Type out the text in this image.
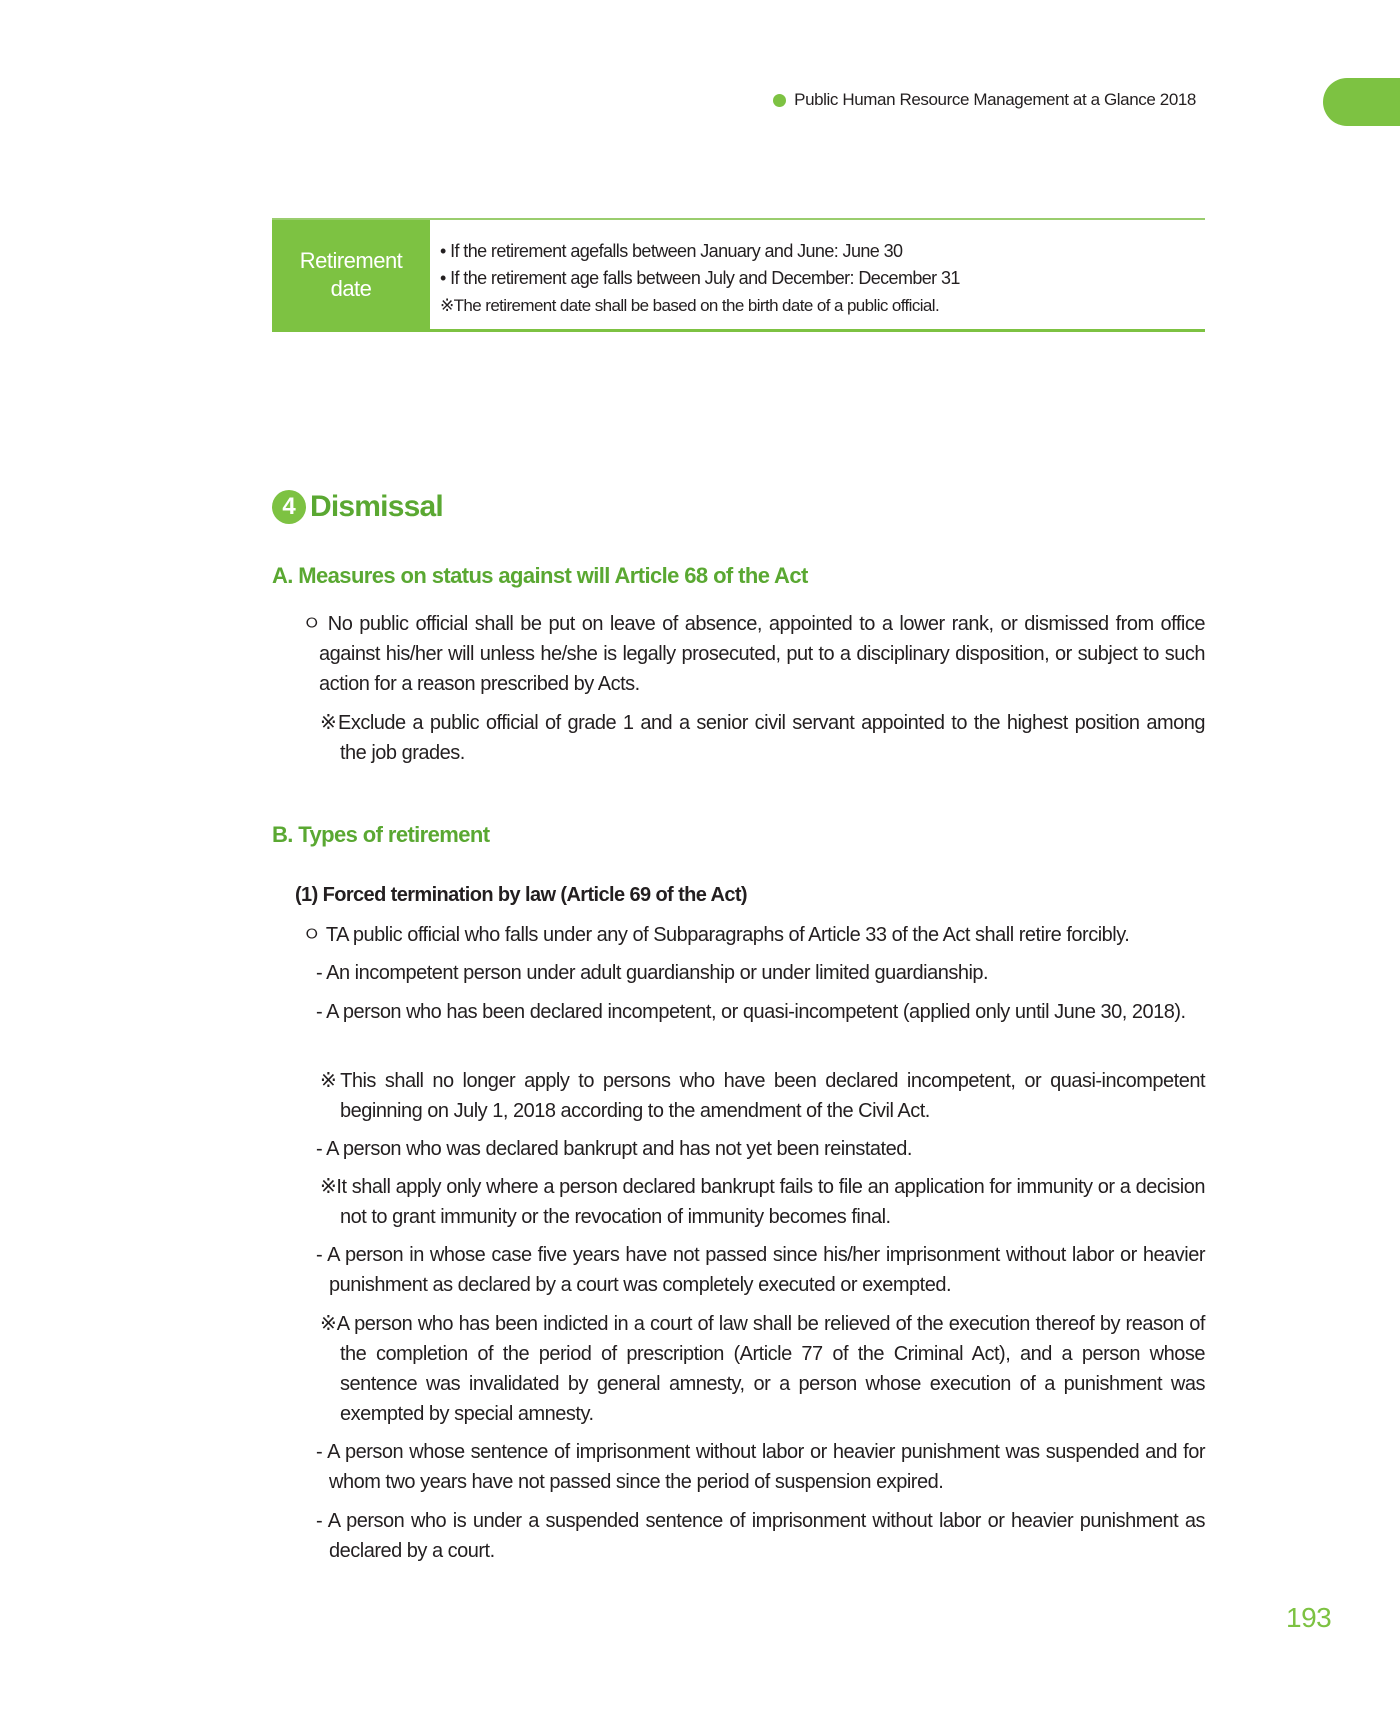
Public Human Resource Management at a Glance 2018
Retirement date
• If the retirement agefalls between January and June: June 30
• If the retirement age falls between July and December: December 31
※The retirement date shall be based on the birth date of a public official.
4 Dismissal
A. Measures on status against will Article 68 of the Act
ㅇ No public official shall be put on leave of absence, appointed to a lower rank, or dismissed from office against his/her will unless he/she is legally prosecuted, put to a disciplinary disposition, or subject to such action for a reason prescribed by Acts.
※Exclude a public official of grade 1 and a senior civil servant appointed to the highest position among the job grades.
B. Types of retirement
(1) Forced termination by law (Article 69 of the Act)
ㅇ TA public official who falls under any of Subparagraphs of Article 33 of the Act shall retire forcibly.
- An incompetent person under adult guardianship or under limited guardianship.
- A person who has been declared incompetent, or quasi-incompetent (applied only until June 30, 2018).
※This shall no longer apply to persons who have been declared incompetent, or quasi-incompetent beginning on July 1, 2018 according to the amendment of the Civil Act.
- A person who was declared bankrupt and has not yet been reinstated.
※It shall apply only where a person declared bankrupt fails to file an application for immunity or a decision not to grant immunity or the revocation of immunity becomes final.
- A person in whose case five years have not passed since his/her imprisonment without labor or heavier punishment as declared by a court was completely executed or exempted.
※A person who has been indicted in a court of law shall be relieved of the execution thereof by reason of the completion of the period of prescription (Article 77 of the Criminal Act), and a person whose sentence was invalidated by general amnesty, or a person whose execution of a punishment was exempted by special amnesty.
- A person whose sentence of imprisonment without labor or heavier punishment was suspended and for whom two years have not passed since the period of suspension expired.
- A person who is under a suspended sentence of imprisonment without labor or heavier punishment as declared by a court.
193
